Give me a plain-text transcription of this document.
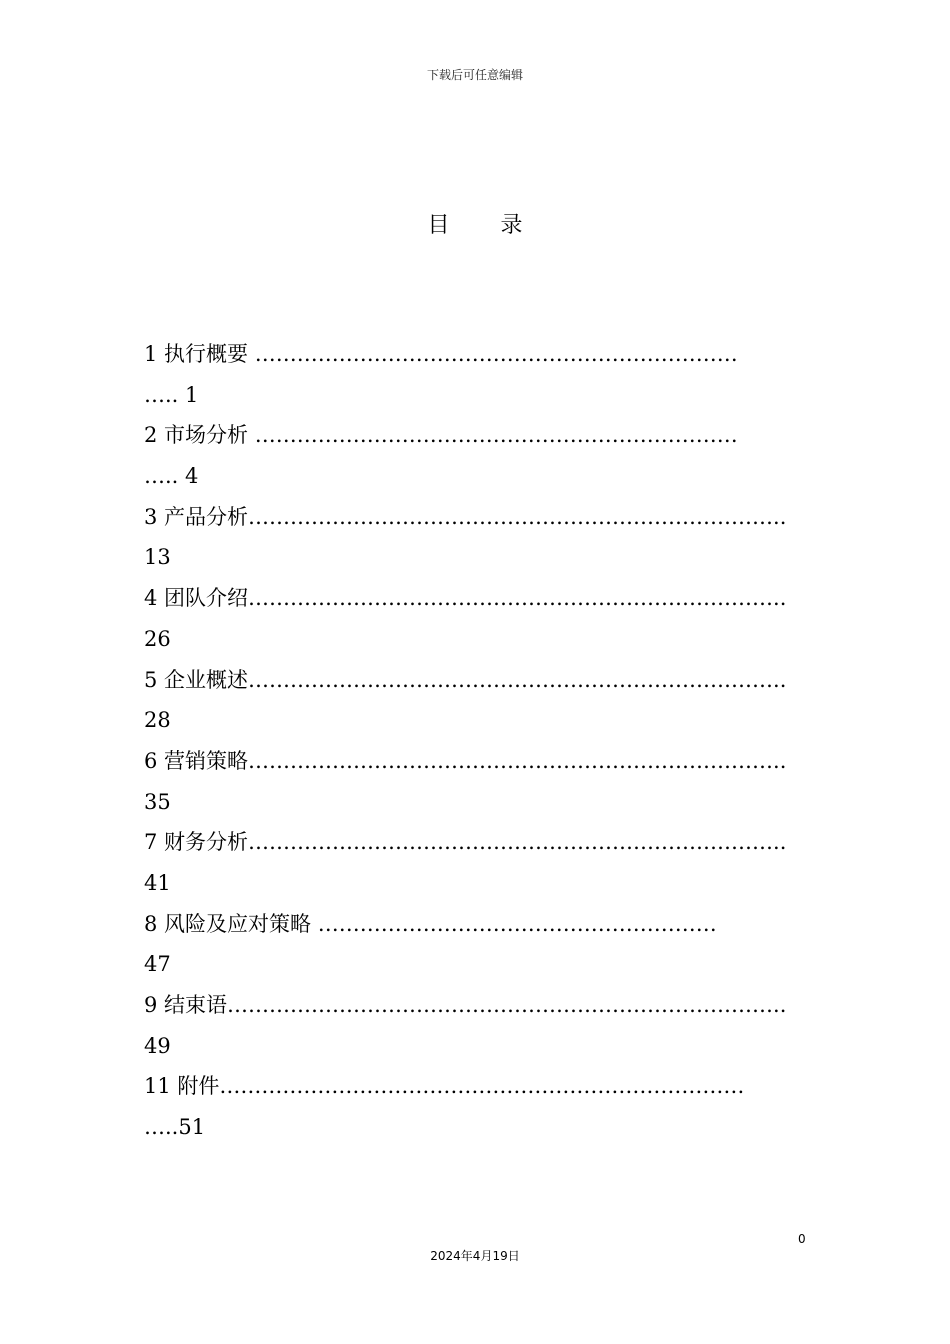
下载后可任意编辑
目 录
1 执行概要 ……………………………………………………………
….. 1
2 市场分析 ……………………………………………………………
….. 4
3 产品分析…………………………………………………………………..
13
4 团队介绍…………………………………………………………………..
26
5 企业概述…………………………………………………………………..
28
6 营销策略…………………………………………………………………..
35
7 财务分析…………………………………………………………………..
41
8 风险及应对策略 …………………………………………………
47
9 结束语……………………………………………………………………..
49
11 附件…………………………………………………………………
…..51
0
2024年4月19日
